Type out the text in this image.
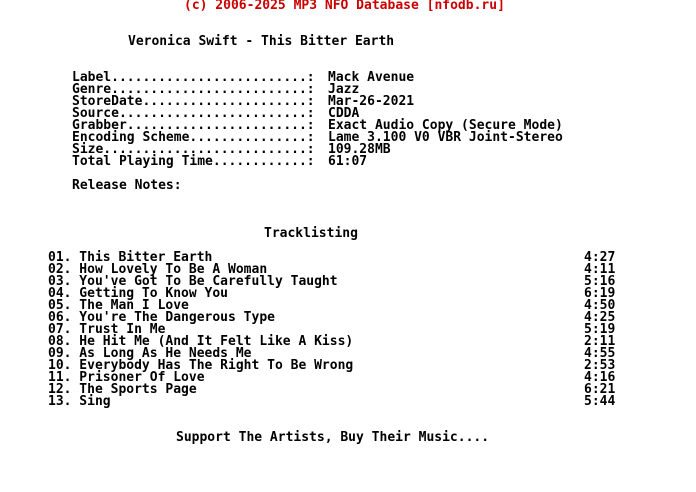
(c) 2006-2025 MP3 NFO Database [nfodb.ru]
Veronica Swift - This Bitter Earth
Label.........................: Mack Avenue
Genre.........................: Jazz
StoreDate.....................: Mar-26-2021
Source........................: CDDA
Grabber.......................: Exact Audio Copy (Secure Mode)
Encoding Scheme...............: Lame 3.100 V0 VBR Joint-Stereo
Size..........................: 109.28MB
Total Playing Time............: 61:07
Release Notes:
Tracklisting
01. This Bitter Earth	4:27
02. How Lovely To Be A Woman	4:11
03. You've Got To Be Carefully Taught	5:16
04. Getting To Know You	6:19
05. The Man I Love	4:50
06. You're The Dangerous Type	4:25
07. Trust In Me	5:19
08. He Hit Me (And It Felt Like A Kiss)	2:11
09. As Long As He Needs Me	4:55
10. Everybody Has The Right To Be Wrong	2:53
11. Prisoner Of Love	4:16
12. The Sports Page	6:21
13. Sing	5:44
Support The Artists, Buy Their Music....
